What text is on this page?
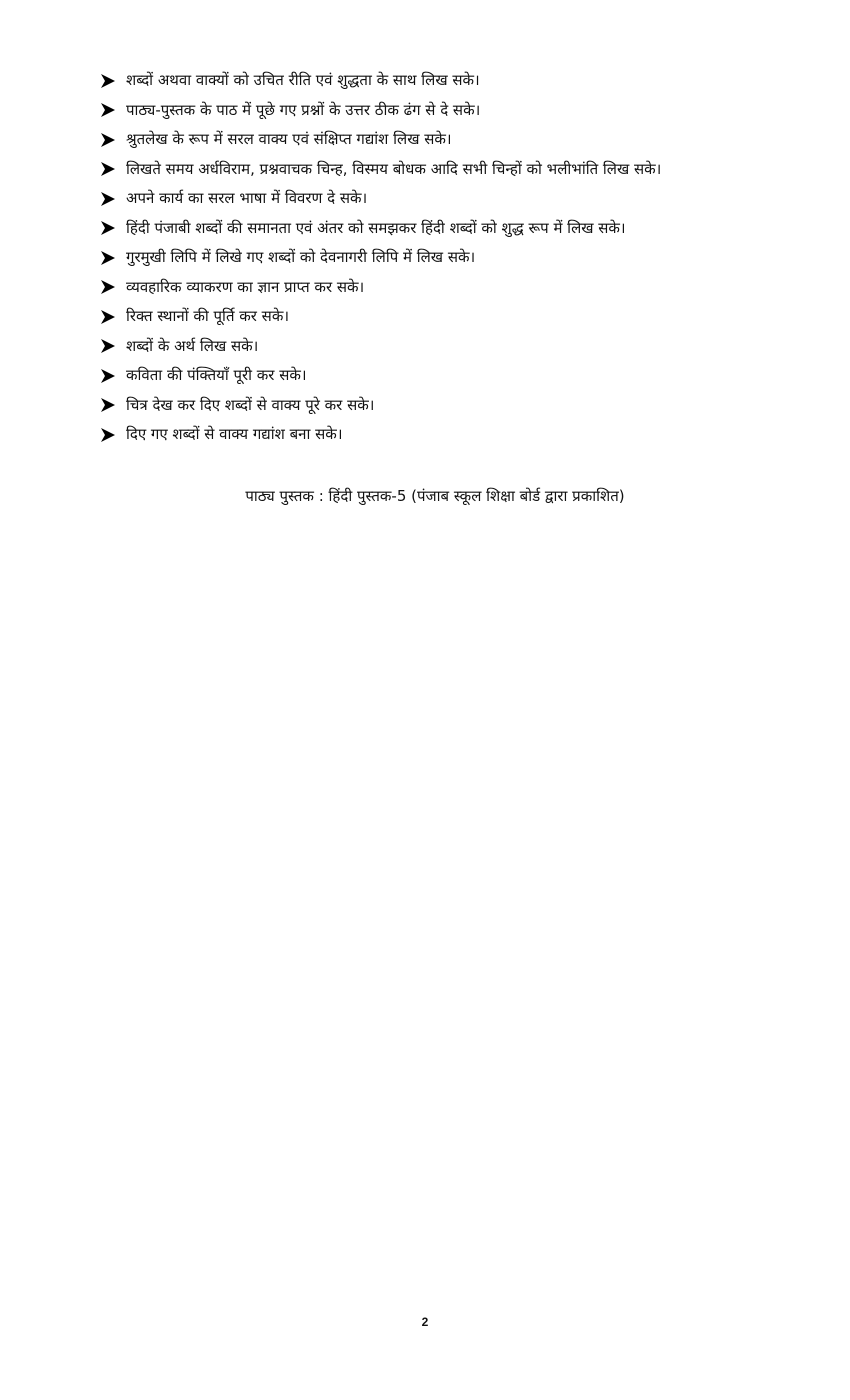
शब्दों अथवा वाक्यों को उचित रीति एवं शुद्धता के साथ लिख सके।
पाठ्य-पुस्तक के पाठ में पूछे गए प्रश्नों के उत्तर ठीक ढंग से दे सके।
श्रुतलेख के रूप में सरल वाक्य एवं संक्षिप्त गद्यांश लिख सके।
लिखते समय अर्धविराम, प्रश्नवाचक चिन्ह, विस्मय बोधक आदि सभी चिन्हों को भलीभांति लिख सके।
अपने कार्य का सरल भाषा में विवरण दे सके।
हिंदी पंजाबी शब्दों की समानता एवं अंतर को समझकर हिंदी शब्दों को शुद्ध रूप में लिख सके।
गुरमुखी लिपि में लिखे गए शब्दों को देवनागरी लिपि में लिख सके।
व्यवहारिक व्याकरण का ज्ञान प्राप्त कर सके।
रिक्त स्थानों की पूर्ति कर सके।
शब्दों के अर्थ लिख सके।
कविता की पंक्तियाँ पूरी कर सके।
चित्र देख कर दिए शब्दों से वाक्य पूरे कर सके।
दिए गए शब्दों से वाक्य गद्यांश बना सके।
पाठ्य पुस्तक : हिंदी पुस्तक-5 (पंजाब स्कूल शिक्षा बोर्ड द्वारा प्रकाशित)
2
